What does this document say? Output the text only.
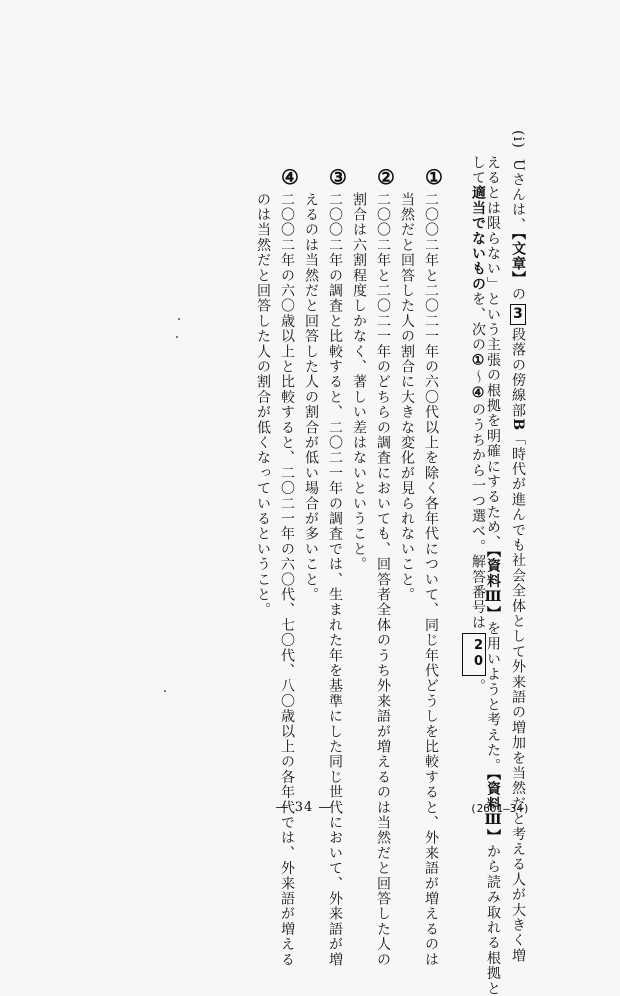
(i)Uさんは、【文章】の3段落の傍線部B「時代が進んでも社会全体として外来語の増加を当然だと考える人が大きく増
えるとは限らない」という主張の根拠を明確にするため、【資料Ⅲ】を用いようと考えた。【資料Ⅲ】から読み取れる根拠と
して適当でないものを、次の①～④のうちから一つ選べ。解答番号は20。
①
二〇〇二年と二〇二一年の六〇代以上を除く各年代について、同じ年代どうしを比較すると、外来語が増えるのは
当然だと回答した人の割合に大きな変化が見られないこと。
②
二〇〇二年と二〇二一年のどちらの調査においても、回答者全体のうち外来語が増えるのは当然だと回答した人の
割合は六割程度しかなく、著しい差はないということ。
③
二〇〇二年の調査と比較すると、二〇二一年の調査では、生まれた年を基準にした同じ世代において、外来語が増
えるのは当然だと回答した人の割合が低い場合が多いこと。
④
二〇〇二年の六〇歳以上と比較すると、二〇二一年の六〇代、七〇代、八〇歳以上の各年代では、外来語が増える
のは当然だと回答した人の割合が低くなっているということ。
— 34 —	(2601—34)
